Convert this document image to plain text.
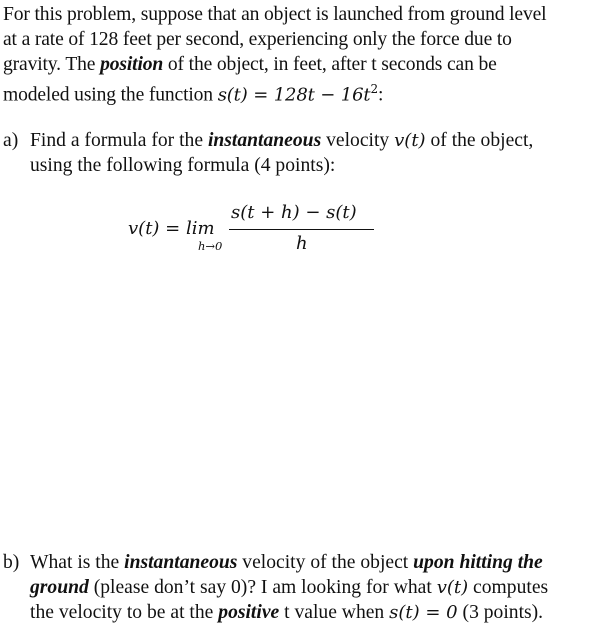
For this problem, suppose that an object is launched from ground level
at a rate of 128 feet per second, experiencing only the force due to
gravity. The position of the object, in feet, after t seconds can be
modeled using the function $s(t) = 128t - 16t^2$:
a) Find a formula for the instantaneous velocity v(t) of the object,
using the following formula (4 points):
v(t) = lim
h→0
s(t + h) − s(t)
h
b) What is the instantaneous velocity of the object upon hitting the
ground (please don’t say 0)? I am looking for what v(t) computes
the velocity to be at the positive t value when s(t) = 0 (3 points).
